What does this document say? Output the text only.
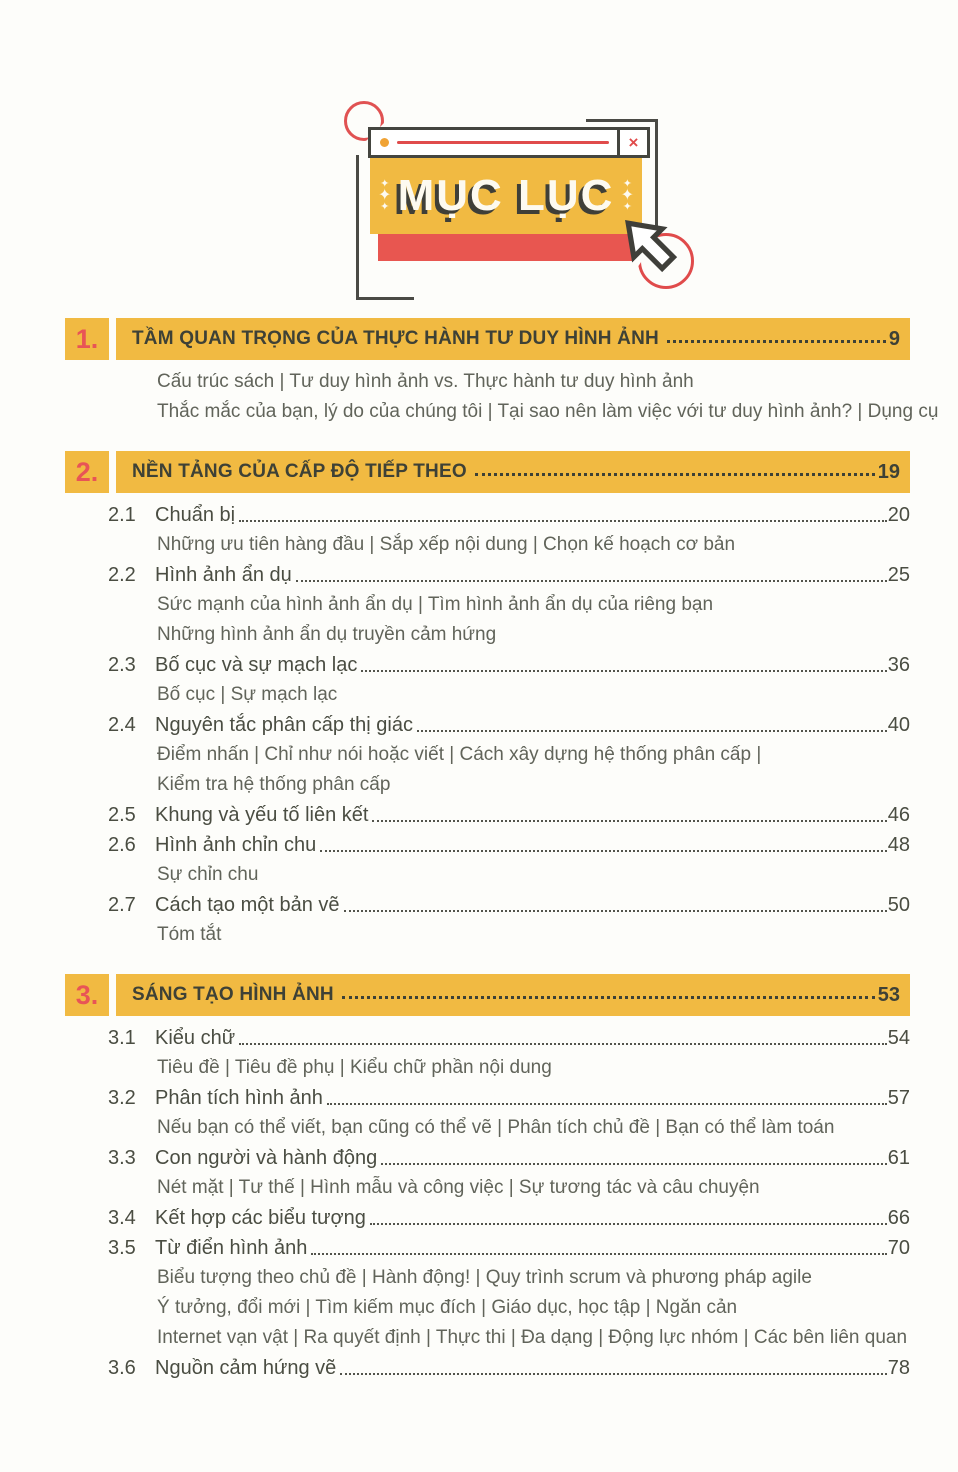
×
✦
✦
✦ MỤC LỤC ✦
✦
✦
1.	TẦM QUAN TRỌNG CỦA THỰC HÀNH TƯ DUY HÌNH ẢNH	9
Cấu trúc sách | Tư duy hình ảnh vs. Thực hành tư duy hình ảnh
Thắc mắc của bạn, lý do của chúng tôi | Tại sao nên làm việc với tư duy hình ảnh? | Dụng cụ
2.	NỀN TẢNG CỦA CẤP ĐỘ TIẾP THEO	19
2.1 Chuẩn bị	20
Những ưu tiên hàng đầu | Sắp xếp nội dung | Chọn kế hoạch cơ bản
2.2 Hình ảnh ẩn dụ	25
Sức mạnh của hình ảnh ẩn dụ | Tìm hình ảnh ẩn dụ của riêng bạn
Những hình ảnh ẩn dụ truyền cảm hứng
2.3 Bố cục và sự mạch lạc	36
Bố cục | Sự mạch lạc
2.4 Nguyên tắc phân cấp thị giác	40
Điểm nhấn | Chỉ như nói hoặc viết | Cách xây dựng hệ thống phân cấp |
Kiểm tra hệ thống phân cấp
2.5 Khung và yếu tố liên kết	46
2.6 Hình ảnh chỉn chu	48
Sự chỉn chu
2.7 Cách tạo một bản vẽ	50
Tóm tắt
3.	SÁNG TẠO HÌNH ẢNH	53
3.1 Kiểu chữ	54
Tiêu đề | Tiêu đề phụ | Kiểu chữ phần nội dung
3.2 Phân tích hình ảnh	57
Nếu bạn có thể viết, bạn cũng có thể vẽ | Phân tích chủ đề | Bạn có thể làm toán
3.3 Con người và hành động	61
Nét mặt | Tư thế | Hình mẫu và công việc | Sự tương tác và câu chuyện
3.4 Kết hợp các biểu tượng	66
3.5 Từ điển hình ảnh	70
Biểu tượng theo chủ đề | Hành động! | Quy trình scrum và phương pháp agile
Ý tưởng, đổi mới | Tìm kiếm mục đích | Giáo dục, học tập | Ngăn cản
Internet vạn vật | Ra quyết định | Thực thi | Đa dạng | Động lực nhóm | Các bên liên quan
3.6 Nguồn cảm hứng vẽ	78
